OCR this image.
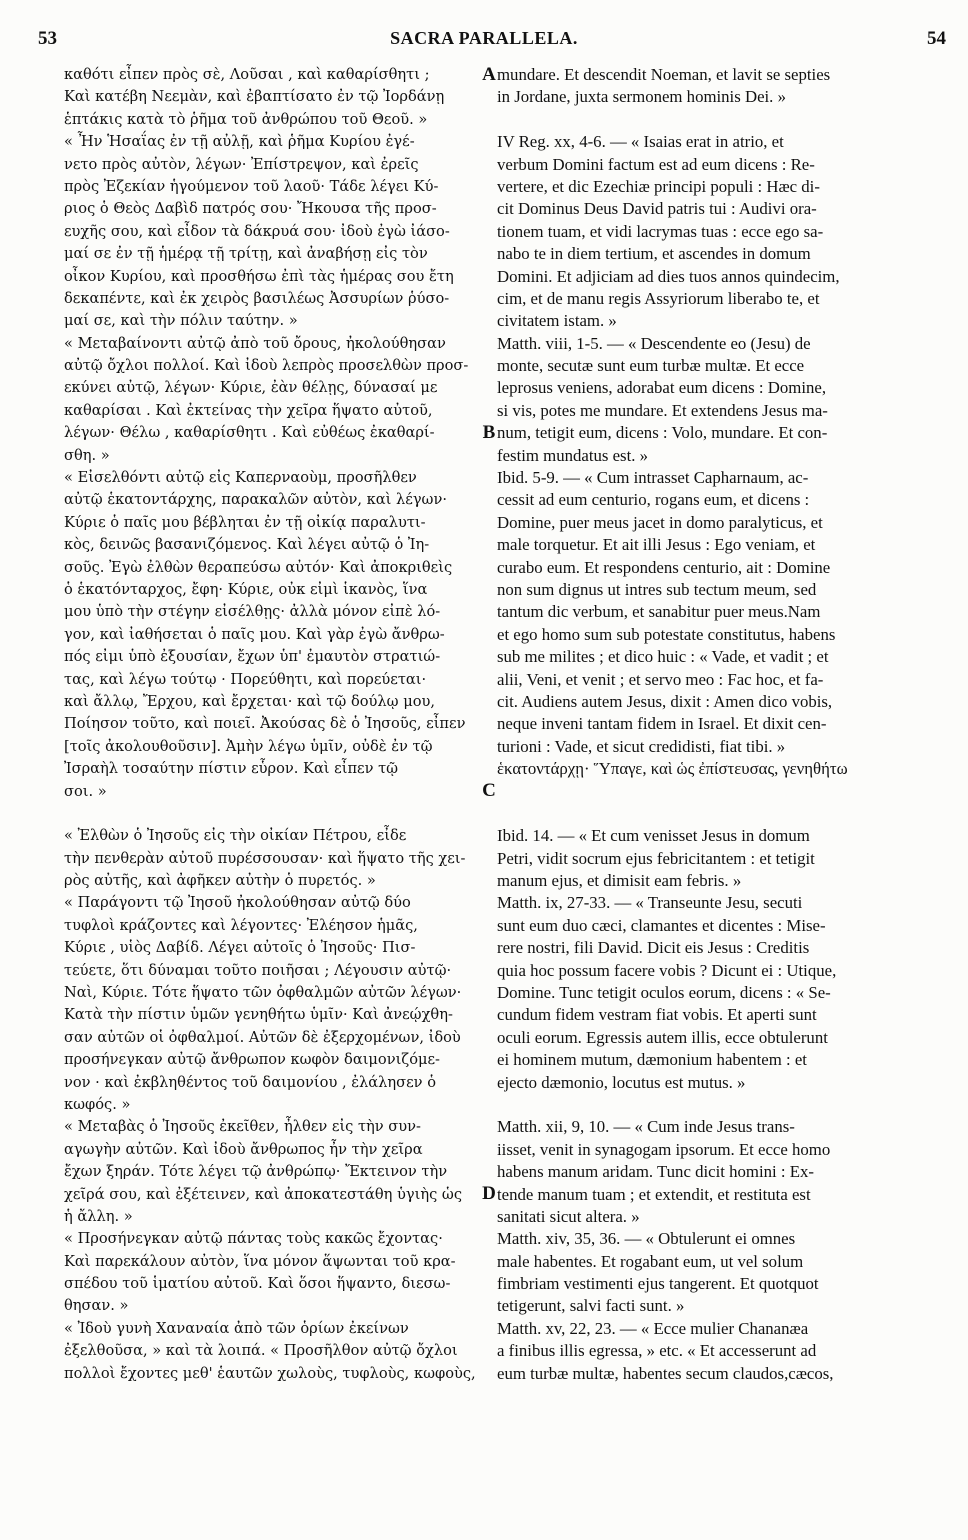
53	SACRA PARALLELA.	54
A
B
C
D
καθότι εἶπεν πρὸς σὲ, Λοῦσαι , καὶ καθαρίσθητι ;
Καὶ κατέβη Νεεμὰν, καὶ ἐβαπτίσατο ἐν τῷ Ἰορδάνῃ
ἑπτάκις κατὰ τὸ ῥῆμα τοῦ ἀνθρώπου τοῦ Θεοῦ. »
« Ἦν Ἡσαΐας ἐν τῇ αὐλῇ, καὶ ῥῆμα Κυρίου ἐγέ-
νετο πρὸς αὐτὸν, λέγων· Ἐπίστρεψον, καὶ ἐρεῖς
πρὸς Ἐζεκίαν ἡγούμενον τοῦ λαοῦ· Τάδε λέγει Κύ-
ριος ὁ Θεὸς Δαβὶδ πατρός σου· Ἤκουσα τῆς προσ-
ευχῆς σου, καὶ εἶδον τὰ δάκρυά σου· ἰδοὺ ἐγὼ ἰάσο-
μαί σε ἐν τῇ ἡμέρᾳ τῇ τρίτῃ, καὶ ἀναβήσῃ εἰς τὸν
οἶκον Κυρίου, καὶ προσθήσω ἐπὶ τὰς ἡμέρας σου ἔτη
δεκαπέντε, καὶ ἐκ χειρὸς βασιλέως Ἀσσυρίων ῥύσο-
μαί σε, καὶ τὴν πόλιν ταύτην. »
« Μεταβαίνοντι αὐτῷ ἀπὸ τοῦ ὄρους, ἠκολούθησαν
αὐτῷ ὄχλοι πολλοί. Καὶ ἰδοὺ λεπρὸς προσελθὼν προσ-
εκύνει αὐτῷ, λέγων· Κύριε, ἐὰν θέλῃς, δύνασαί με
καθαρίσαι . Καὶ ἐκτείνας τὴν χεῖρα ἥψατο αὐτοῦ,
λέγων· Θέλω , καθαρίσθητι . Καὶ εὐθέως ἐκαθαρί-
σθη. »
« Εἰσελθόντι αὐτῷ εἰς Καπερναοὺμ, προσῆλθεν
αὐτῷ ἑκατοντάρχης, παρακαλῶν αὐτὸν, καὶ λέγων·
Κύριε ὁ παῖς μου βέβληται ἐν τῇ οἰκίᾳ παραλυτι-
κὸς, δεινῶς βασανιζόμενος. Καὶ λέγει αὐτῷ ὁ Ἰη-
σοῦς. Ἐγὼ ἐλθὼν θεραπεύσω αὐτόν· Καὶ ἀποκριθεὶς
ὁ ἑκατόνταρχος, ἔφη· Κύριε, οὐκ εἰμὶ ἱκανὸς, ἵνα
μου ὑπὸ τὴν στέγην εἰσέλθῃς· ἀλλὰ μόνον εἰπὲ λό-
γον, καὶ ἰαθήσεται ὁ παῖς μου. Καὶ γὰρ ἐγὼ ἄνθρω-
πός εἰμι ὑπὸ ἐξουσίαν, ἔχων ὑπ' ἐμαυτὸν στρατιώ-
τας, καὶ λέγω τούτῳ · Πορεύθητι, καὶ πορεύεται·
καὶ ἄλλῳ, Ἔρχου, καὶ ἔρχεται· καὶ τῷ δούλῳ μου,
Ποίησον τοῦτο, καὶ ποιεῖ. Ἀκούσας δὲ ὁ Ἰησοῦς, εἶπεν
[τοῖς ἀκολουθοῦσιν]. Ἀμὴν λέγω ὑμῖν, οὐδὲ ἐν τῷ
Ἰσραὴλ τοσαύτην πίστιν εὗρον. Καὶ εἶπεν τῷ
σοι. »
« Ἐλθὼν ὁ Ἰησοῦς εἰς τὴν οἰκίαν Πέτρου, εἶδε
τὴν πενθερὰν αὐτοῦ πυρέσσουσαν· καὶ ἥψατο τῆς χει-
ρὸς αὐτῆς, καὶ ἀφῆκεν αὐτὴν ὁ πυρετός. »
« Παράγοντι τῷ Ἰησοῦ ἠκολούθησαν αὐτῷ δύο
τυφλοὶ κράζοντες καὶ λέγοντες· Ἐλέησον ἡμᾶς,
Κύριε , υἱὸς Δαβίδ. Λέγει αὐτοῖς ὁ Ἰησοῦς· Πισ-
τεύετε, ὅτι δύναμαι τοῦτο ποιῆσαι ; Λέγουσιν αὐτῷ·
Ναὶ, Κύριε. Τότε ἥψατο τῶν ὀφθαλμῶν αὐτῶν λέγων·
Κατὰ τὴν πίστιν ὑμῶν γενηθήτω ὑμῖν· Καὶ ἀνεῴχθη-
σαν αὐτῶν οἱ ὀφθαλμοί. Αὐτῶν δὲ ἐξερχομένων, ἰδοὺ
προσήνεγκαν αὐτῷ ἄνθρωπον κωφὸν δαιμονιζόμε-
νον · καὶ ἐκβληθέντος τοῦ δαιμονίου , ἐλάλησεν ὁ
κωφός. »
« Μεταβὰς ὁ Ἰησοῦς ἐκεῖθεν, ἦλθεν εἰς τὴν συν-
αγωγὴν αὐτῶν. Καὶ ἰδοὺ ἄνθρωπος ἦν τὴν χεῖρα
ἔχων ξηράν. Τότε λέγει τῷ ἀνθρώπῳ· Ἔκτεινον τὴν
χεῖρά σου, καὶ ἐξέτεινεν, καὶ ἀποκατεστάθη ὑγιὴς ὡς
ἡ ἄλλη. »
« Προσήνεγκαν αὐτῷ πάντας τοὺς κακῶς ἔχοντας·
Καὶ παρεκάλουν αὐτὸν, ἵνα μόνον ἅψωνται τοῦ κρα-
σπέδου τοῦ ἱματίου αὐτοῦ. Καὶ ὅσοι ἥψαντο, διεσω-
θησαν. »
« Ἰδοὺ γυνὴ Χαναναία ἀπὸ τῶν ὁρίων ἐκείνων
ἐξελθοῦσα, » καὶ τὰ λοιπά. « Προσῆλθον αὐτῷ ὄχλοι
πολλοὶ ἔχοντες μεθ' ἑαυτῶν χωλοὺς, τυφλοὺς, κωφοὺς,
mundare. Et descendit Noeman, et lavit se septies
in Jordane, juxta sermonem hominis Dei. »
IV Reg. xx, 4-6. — « Isaias erat in atrio, et
verbum Domini factum est ad eum dicens : Re-
vertere, et dic Ezechiæ principi populi : Hæc di-
cit Dominus Deus David patris tui : Audivi ora-
tionem tuam, et vidi lacrymas tuas : ecce ego sa-
nabo te in diem tertium, et ascendes in domum
Domini. Et adjiciam ad dies tuos annos quindecim,
cim, et de manu regis Assyriorum liberabo te, et
civitatem istam. »
Matth. viii, 1-5. — « Descendente eo (Jesu) de
monte, secutæ sunt eum turbæ multæ. Et ecce
leprosus veniens, adorabat eum dicens : Domine,
si vis, potes me mundare. Et extendens Jesus ma-
num, tetigit eum, dicens : Volo, mundare. Et con-
festim mundatus est. »
Ibid. 5-9. — « Cum intrasset Capharnaum, ac-
cessit ad eum centurio, rogans eum, et dicens :
Domine, puer meus jacet in domo paralyticus, et
male torquetur. Et ait illi Jesus : Ego veniam, et
curabo eum. Et respondens centurio, ait : Domine
non sum dignus ut intres sub tectum meum, sed
tantum dic verbum, et sanabitur puer meus.Nam
et ego homo sum sub potestate constitutus, habens
sub me milites ; et dico huic : « Vade, et vadit ; et
alii, Veni, et venit ; et servo meo : Fac hoc, et fa-
cit. Audiens autem Jesus, dixit : Amen dico vobis,
neque inveni tantam fidem in Israel. Et dixit cen-
turioni : Vade, et sicut credidisti, fiat tibi. »
ἑκατοντάρχῃ· Ὕπαγε, καὶ ὡς ἐπίστευσας, γενηθήτω
Ibid. 14. — « Et cum venisset Jesus in domum
Petri, vidit socrum ejus febricitantem : et tetigit
manum ejus, et dimisit eam febris. »
Matth. ix, 27-33. — « Transeunte Jesu, secuti
sunt eum duo cæci, clamantes et dicentes : Mise-
rere nostri, fili David. Dicit eis Jesus : Creditis
quia hoc possum facere vobis ? Dicunt ei : Utique,
Domine. Tunc tetigit oculos eorum, dicens : « Se-
cundum fidem vestram fiat vobis. Et aperti sunt
oculi eorum. Egressis autem illis, ecce obtulerunt
ei hominem mutum, dæmonium habentem : et
ejecto dæmonio, locutus est mutus. »
Matth. xii, 9, 10. — « Cum inde Jesus trans-
iisset, venit in synagogam ipsorum. Et ecce homo
habens manum aridam. Tunc dicit homini : Ex-
tende manum tuam ; et extendit, et restituta est
sanitati sicut altera. »
Matth. xiv, 35, 36. — « Obtulerunt ei omnes
male habentes. Et rogabant eum, ut vel solum
fimbriam vestimenti ejus tangerent. Et quotquot
tetigerunt, salvi facti sunt. »
Matth. xv, 22, 23. — « Ecce mulier Chananæa
a finibus illis egressa, » etc. « Et accesserunt ad
eum turbæ multæ, habentes secum claudos,cæcos,
